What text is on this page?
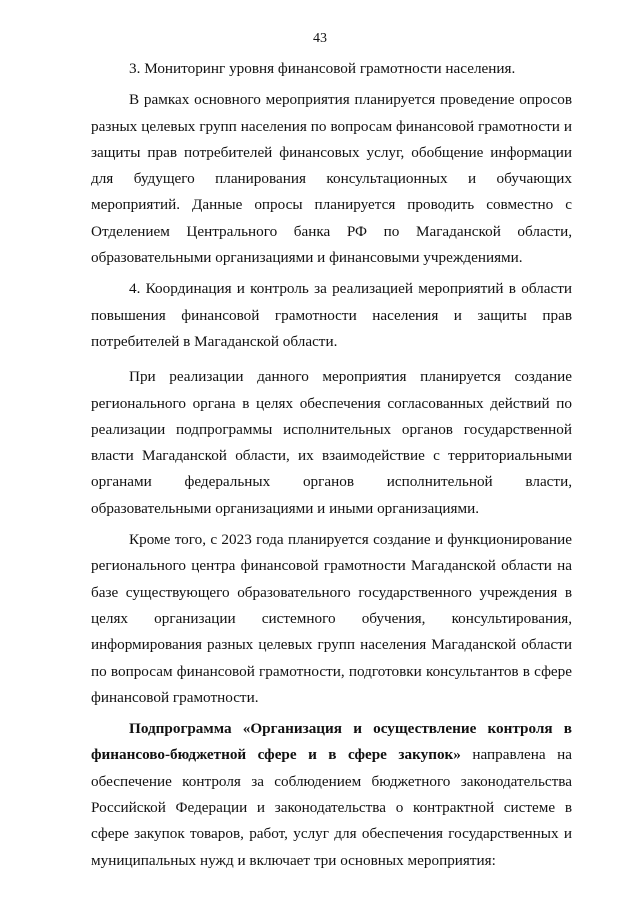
43

3. Мониторинг уровня финансовой грамотности населения.

В рамках основного мероприятия планируется проведение опросов разных целевых групп населения по вопросам финансовой грамотности и защиты прав потребителей финансовых услуг, обобщение информации для будущего планирования консультационных и обучающих мероприятий. Данные опросы планируется проводить совместно с Отделением Центрального банка РФ по Магаданской области, образовательными организациями и финансовыми учреждениями.

4. Координация и контроль за реализацией мероприятий в области повышения финансовой грамотности населения и защиты прав потребителей в Магаданской области.

При реализации данного мероприятия планируется создание регионального органа в целях обеспечения согласованных действий по реализации подпрограммы исполнительных органов государственной власти Магаданской области, их взаимодействие с территориальными органами федеральных органов исполнительной власти, образовательными организациями и иными организациями.

Кроме того, с 2023 года планируется создание и функционирование регионального центра финансовой грамотности Магаданской области на базе существующего образовательного государственного учреждения в целях организации системного обучения, консультирования, информирования разных целевых групп населения Магаданской области по вопросам финансовой грамотности, подготовки консультантов в сфере финансовой грамотности.

Подпрограмма «Организация и осуществление контроля в финансово-бюджетной сфере и в сфере закупок» направлена на обеспечение контроля за соблюдением бюджетного законодательства Российской Федерации и законодательства о контрактной системе в сфере закупок товаров, работ, услуг для обеспечения государственных и муниципальных нужд и включает три основных мероприятия:
